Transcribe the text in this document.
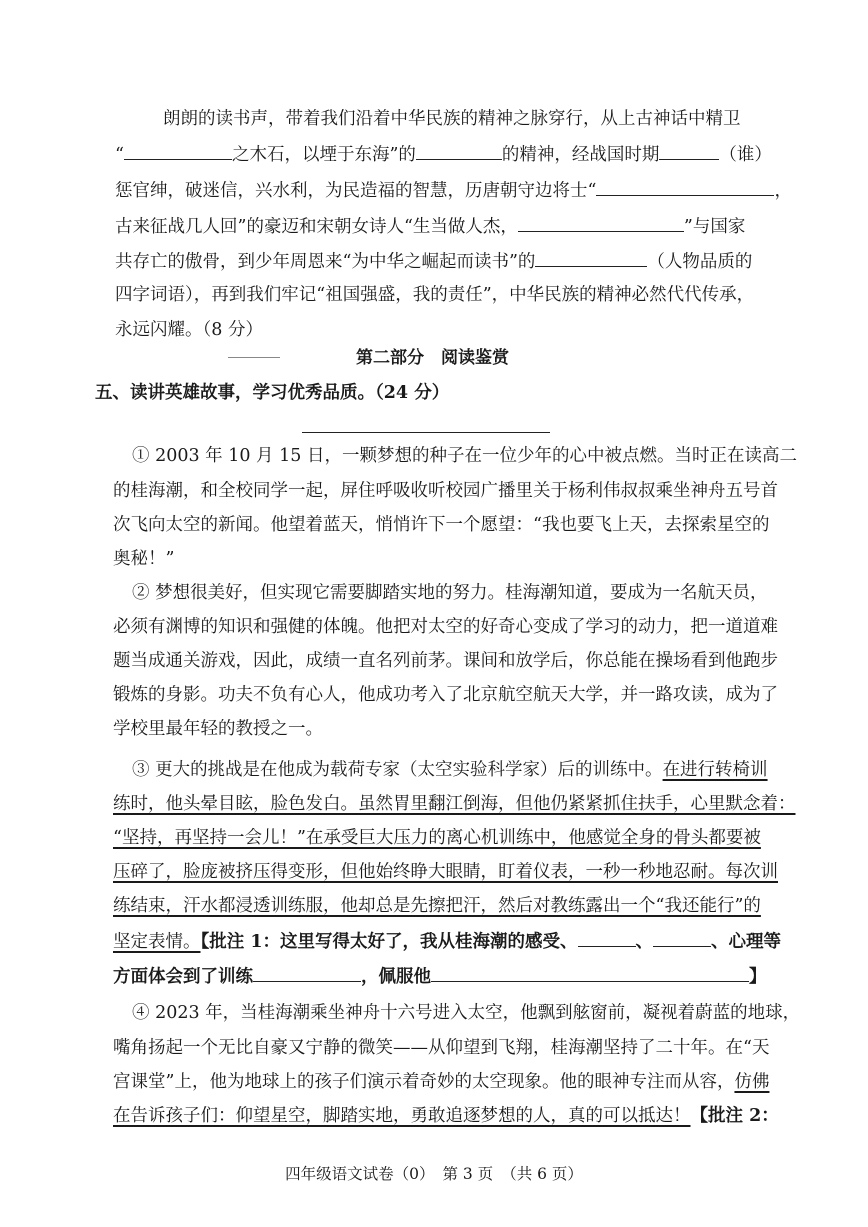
朗朗的读书声，带着我们沿着中华民族的精神之脉穿行，从上古神话中精卫
“	之木石，以堙于东海”的	的精神，经战国时期	（谁）
惩官绅，破迷信，兴水利，为民造福的智慧，历唐朝守边将士“	，
古来征战几人回”的豪迈和宋朝女诗人“生当做人杰，	”与国家
共存亡的傲骨，到少年周恩来“为中华之崛起而读书”的	（人物品质的
四字词语），再到我们牢记“祖国强盛，我的责任”，中华民族的精神必然代代传承，
永远闪耀。（8 分）
第二部分　阅读鉴赏
五、读讲英雄故事，学习优秀品质。（24 分）
① 2003 年 10 月 15 日，一颗梦想的种子在一位少年的心中被点燃。当时正在读高二
的桂海潮，和全校同学一起，屏住呼吸收听校园广播里关于杨利伟叔叔乘坐神舟五号首
次飞向太空的新闻。他望着蓝天，悄悄许下一个愿望：“我也要飞上天，去探索星空的
奥秘！”
② 梦想很美好，但实现它需要脚踏实地的努力。桂海潮知道，要成为一名航天员，
必须有渊博的知识和强健的体魄。他把对太空的好奇心变成了学习的动力，把一道道难
题当成通关游戏，因此，成绩一直名列前茅。课间和放学后，你总能在操场看到他跑步
锻炼的身影。功夫不负有心人，他成功考入了北京航空航天大学，并一路攻读，成为了
学校里最年轻的教授之一。
③ 更大的挑战是在他成为载荷专家（太空实验科学家）后的训练中。在进行转椅训
练时，他头晕目眩，脸色发白。虽然胃里翻江倒海，但他仍紧紧抓住扶手，心里默念着：
“坚持，再坚持一会儿！”在承受巨大压力的离心机训练中，他感觉全身的骨头都要被
压碎了，脸庞被挤压得变形，但他始终睁大眼睛，盯着仪表，一秒一秒地忍耐。每次训
练结束，汗水都浸透训练服，他却总是先擦把汗，然后对教练露出一个“我还能行”的
坚定表情。【批注 1：这里写得太好了，我从桂海潮的感受、	、	、心理等
方面体会到了训练	，佩服他	】
④ 2023 年，当桂海潮乘坐神舟十六号进入太空，他飘到舷窗前，凝视着蔚蓝的地球，
嘴角扬起一个无比自豪又宁静的微笑——从仰望到飞翔，桂海潮坚持了二十年。在“天
宫课堂”上，他为地球上的孩子们演示着奇妙的太空现象。他的眼神专注而从容，仿佛
在告诉孩子们：仰望星空，脚踏实地，勇敢追逐梦想的人，真的可以抵达！【批注 2：
四年级语文试卷（0） 第 3 页 （共 6 页）
